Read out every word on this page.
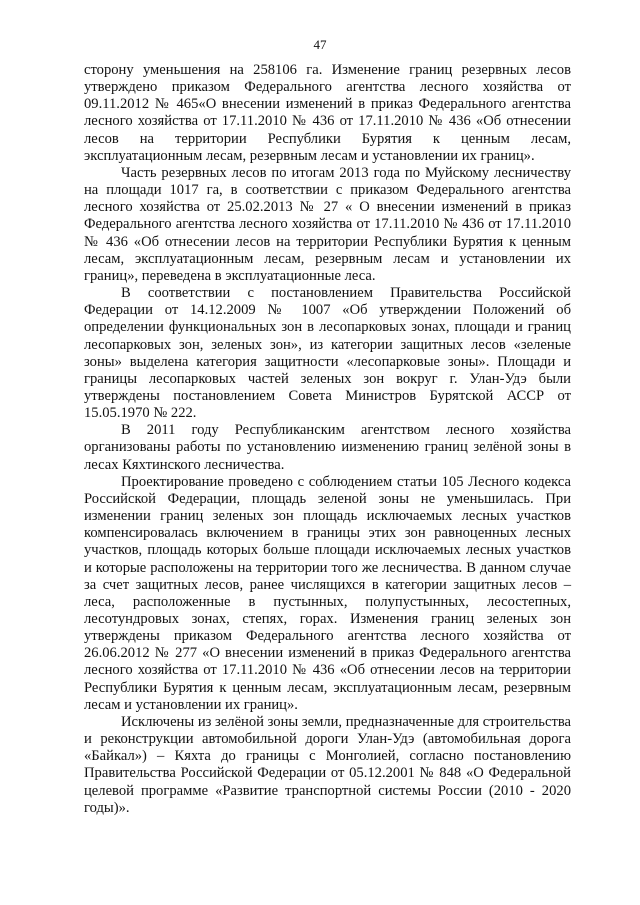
47

сторону уменьшения на 258106 га. Изменение границ резервных лесов утверждено приказом Федерального агентства лесного хозяйства от 09.11.2012 № 465«О внесении изменений в приказ Федерального агентства лесного хозяйства от 17.11.2010 № 436 от 17.11.2010 № 436 «Об отнесении лесов на территории Республики Бурятия к ценным лесам, эксплуатационным лесам, резервным лесам и установлении их границ».

Часть резервных лесов по итогам 2013 года по Муйскому лесничеству на площади 1017 га, в соответствии с приказом Федерального агентства лесного хозяйства от 25.02.2013 № 27 « О внесении изменений в приказ Федерального агентства лесного хозяйства от 17.11.2010 № 436 от 17.11.2010 № 436 «Об отнесении лесов на территории Республики Бурятия к ценным лесам, эксплуатационным лесам, резервным лесам и установлении их границ», переведена в эксплуатационные леса.

В соответствии с постановлением Правительства Российской Федерации от 14.12.2009 № 1007 «Об утверждении Положений об определении функциональных зон в лесопарковых зонах, площади и границ лесопарковых зон, зеленых зон», из категории защитных лесов «зеленые зоны» выделена категория защитности «лесопарковые зоны». Площади и границы лесопарковых частей зеленых зон вокруг г. Улан-Удэ были утверждены постановлением Совета Министров Бурятской АССР от 15.05.1970 № 222.

В 2011 году Республиканским агентством лесного хозяйства организованы работы по установлению иизменению границ зелёной зоны в лесах Кяхтинского лесничества.

Проектирование проведено с соблюдением статьи 105 Лесного кодекса Российской Федерации, площадь зеленой зоны не уменьшилась. При изменении границ зеленых зон площадь исключаемых лесных участков компенсировалась включением в границы этих зон равноценных лесных участков, площадь которых больше площади исключаемых лесных участков и которые расположены на территории того же лесничества. В данном случае за счет защитных лесов, ранее числящихся в категории защитных лесов – леса, расположенные в пустынных, полупустынных, лесостепных, лесотундровых зонах, степях, горах. Изменения границ зеленых зон утверждены приказом Федерального агентства лесного хозяйства от 26.06.2012 № 277 «О внесении изменений в приказ Федерального агентства лесного хозяйства от 17.11.2010 № 436 «Об отнесении лесов на территории Республики Бурятия к ценным лесам, эксплуатационным лесам, резервным лесам и установлении их границ».

Исключены из зелёной зоны земли, предназначенные для строительства и реконструкции автомобильной дороги Улан-Удэ (автомобильная дорога «Байкал») – Кяхта до границы с Монголией, согласно постановлению Правительства Российской Федерации от 05.12.2001 № 848 «О Федеральной целевой программе «Развитие транспортной системы России (2010 - 2020 годы)».
